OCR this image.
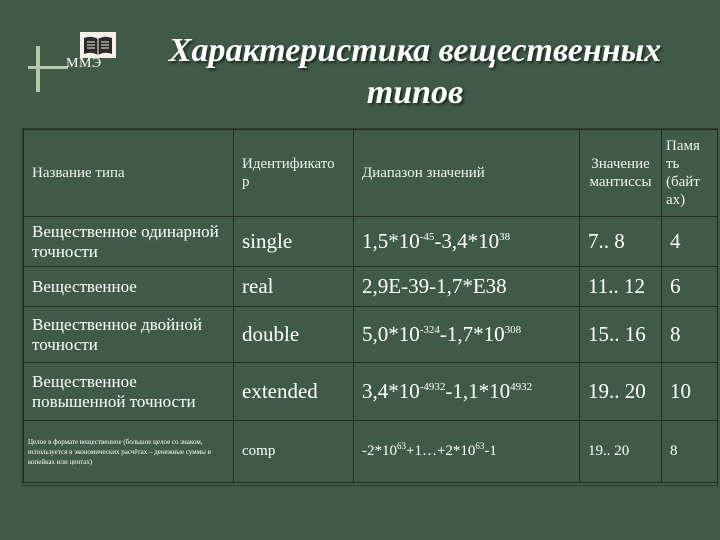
ММЭ	Характеристика вещественных типов
Название типа	Идентификато р	Диапазон значений	Значение мантиссы	Памя ть (байт ах)
Вещественное одинарной точности	single	$1,5*10^{-45}-3,4*10^{38}$	7.. 8	4
Вещественное	real	2,9Е-39-1,7*Е38	11.. 12	6
Вещественное двойной точности	double	$5,0*10^{-324}-1,7*10^{308}$	15.. 16	8
Вещественное повышенной точности	extended	$3,4*10^{-4932}-1,1*10^{4932}$	19.. 20	10
Целое в формате вещественное (большое целое со знаком, используется в экономических расчётах – денежные суммы в копейках или центах)	comp	$-2*10^{63}+1\dots+2*10^{63}-1$	19.. 20	8
